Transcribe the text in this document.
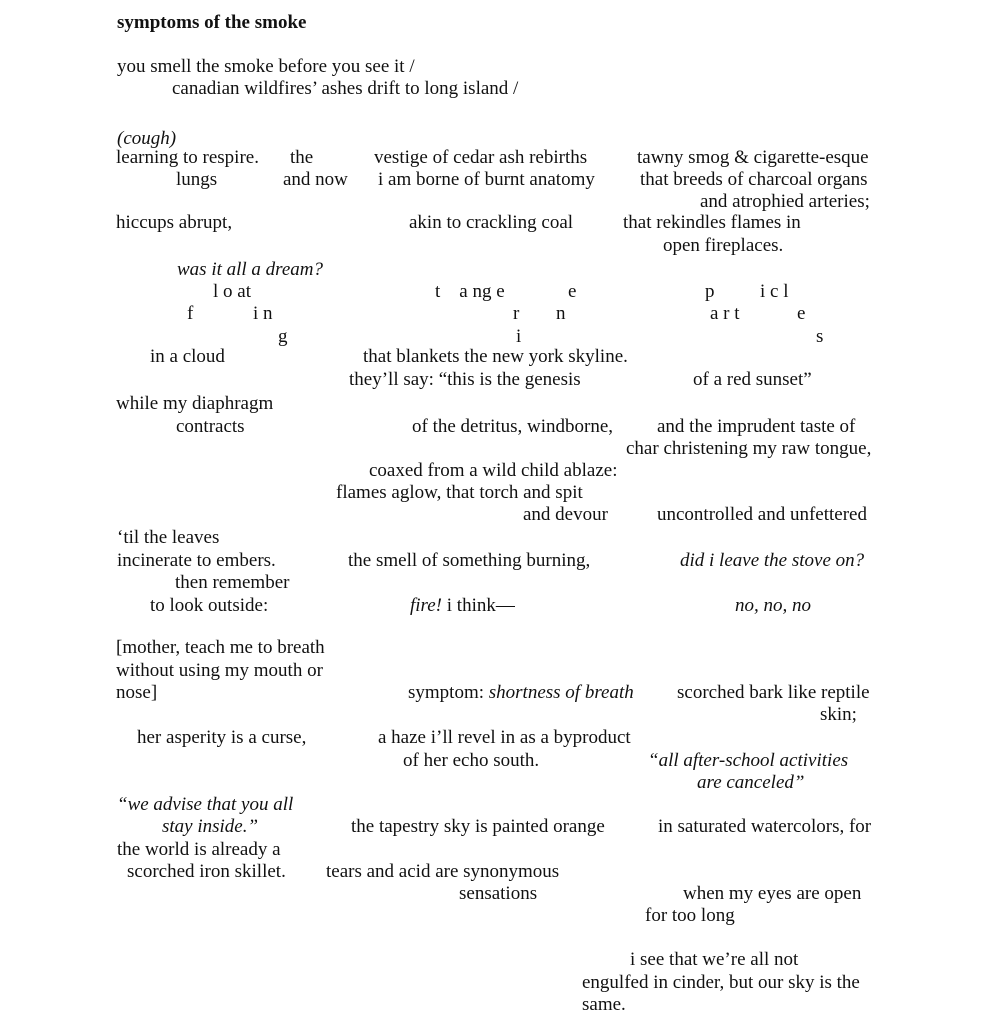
symptoms of the smoke
you smell the smoke before you see it /
canadian wildfires’ ashes drift to long island /
(cough)
learning to respire. the	vestige of cedar ash rebirths	tawny smog & cigarette-esque
lungs	and now i am borne of burnt anatomy that breeds of charcoal organs
and atrophied arteries;
hiccups abrupt,	akin to crackling coal	that rekindles flames in
open fireplaces.
was it all a dream?
l o at	t    a ng e	e	p i c l
f	i n	r n	a r t	e
g	i	s
in a cloud	that blankets the new york skyline.
they’ll say: “this is the genesis	of a red sunset”
while my diaphragm
contracts	of the detritus, windborne, and the imprudent taste of
char christening my raw tongue,
coaxed from a wild child ablaze:
flames aglow, that torch and spit
and devour	uncontrolled and unfettered
‘til the leaves
incinerate to embers.	the smell of something burning,	did i leave the stove on?
then remember
to look outside:	fire! i think—	no, no, no
[mother, teach me to breath
without using my mouth or
nose]	symptom: shortness of breath scorched bark like reptile
skin;
her asperity is a curse,	a haze i’ll revel in as a byproduct
of her echo south.	“all after-school activities
are canceled”
“we advise that you all
stay inside.”	the tapestry sky is painted orange	in saturated watercolors, for
the world is already a
scorched iron skillet. tears and acid are synonymous
sensations	when my eyes are open
for too long
i see that we’re all not
engulfed in cinder, but our sky is the
same.
